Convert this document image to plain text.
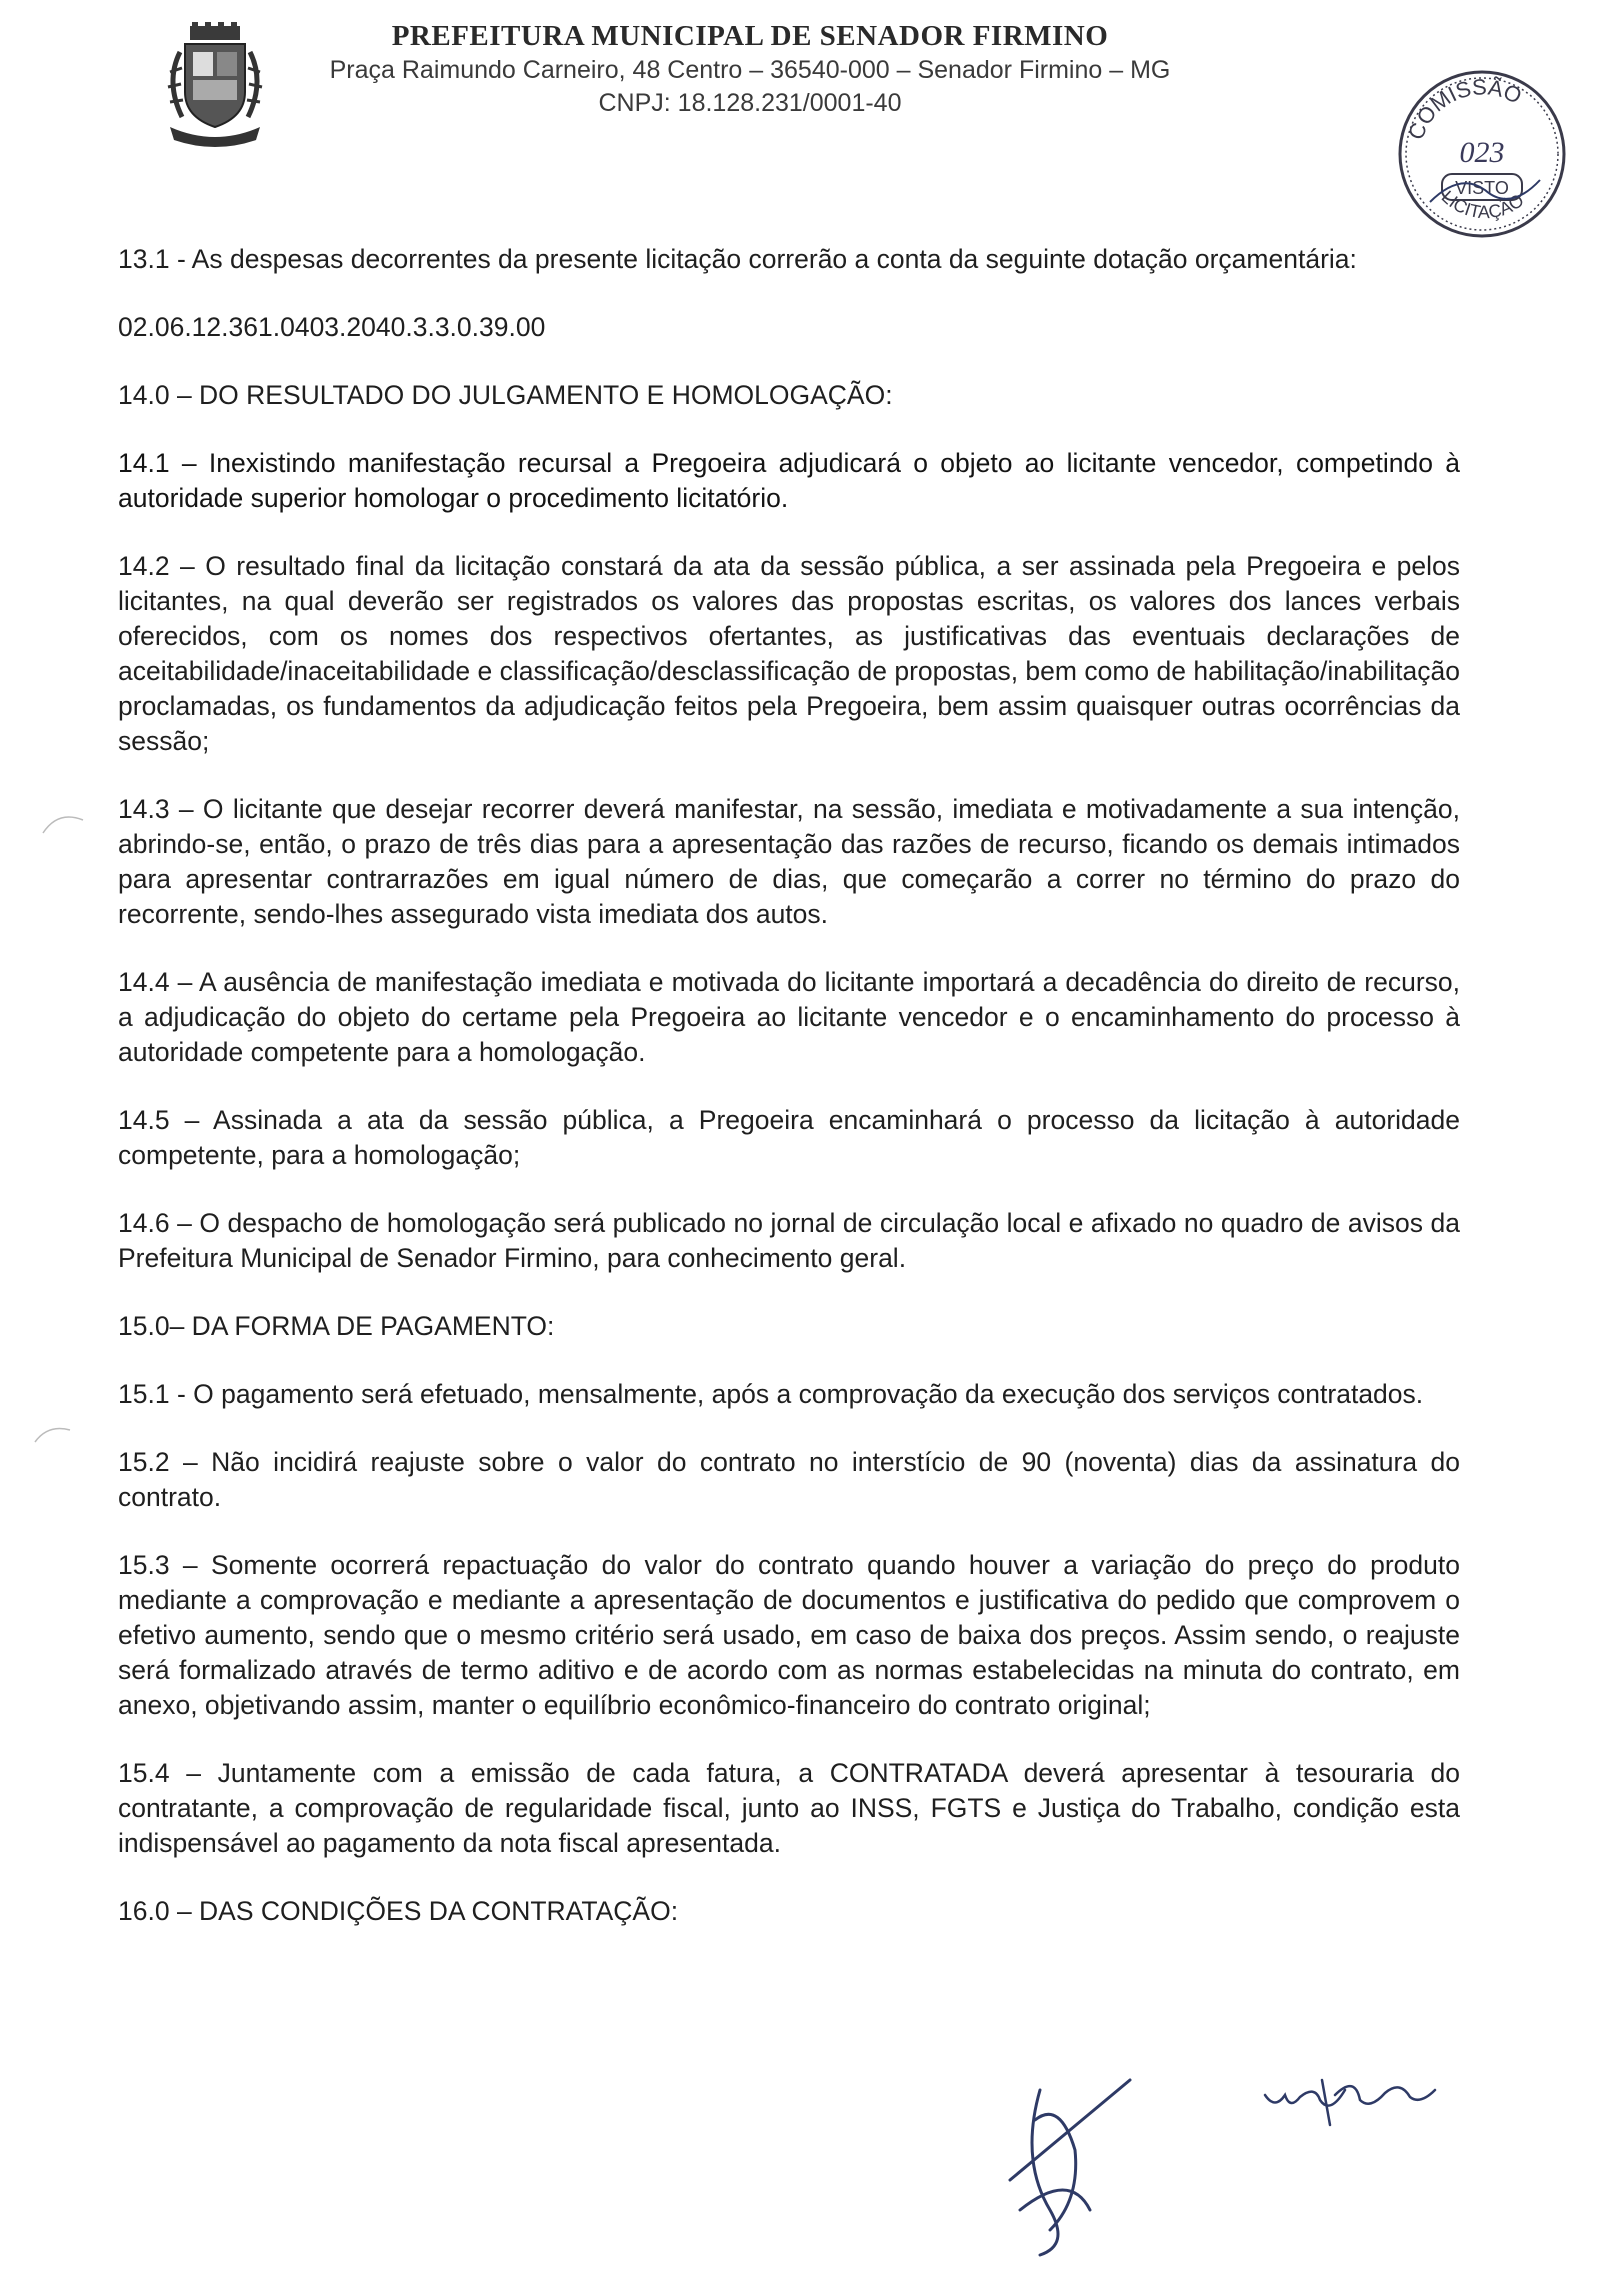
PREFEITURA MUNICIPAL DE SENADOR FIRMINO
Praça Raimundo Carneiro, 48 Centro – 36540-000 – Senador Firmino – MG
CNPJ: 18.128.231/0001-40
COMISSÃO
023
VISTO
LICITAÇÃO

13.1 - As despesas decorrentes da presente licitação correrão a conta da seguinte dotação orçamentária:

02.06.12.361.0403.2040.3.3.0.39.00

14.0 – DO RESULTADO DO JULGAMENTO E HOMOLOGAÇÃO:

14.1 – Inexistindo manifestação recursal a Pregoeira adjudicará o objeto ao licitante vencedor, competindo à autoridade superior homologar o procedimento licitatório.

14.2 – O resultado final da licitação constará da ata da sessão pública, a ser assinada pela Pregoeira e pelos licitantes, na qual deverão ser registrados os valores das propostas escritas, os valores dos lances verbais oferecidos, com os nomes dos respectivos ofertantes, as justificativas das eventuais declarações de aceitabilidade/inaceitabilidade e classificação/desclassificação de propostas, bem como de habilitação/inabilitação proclamadas, os fundamentos da adjudicação feitos pela Pregoeira, bem assim quaisquer outras ocorrências da sessão;

14.3 – O licitante que desejar recorrer deverá manifestar, na sessão, imediata e motivadamente a sua intenção, abrindo-se, então, o prazo de três dias para a apresentação das razões de recurso, ficando os demais intimados para apresentar contrarrazões em igual número de dias, que começarão a correr no término do prazo do recorrente, sendo-lhes assegurado vista imediata dos autos.

14.4 – A ausência de manifestação imediata e motivada do licitante importará a decadência do direito de recurso, a adjudicação do objeto do certame pela Pregoeira ao licitante vencedor e o encaminhamento do processo à autoridade competente para a homologação.

14.5 – Assinada a ata da sessão pública, a Pregoeira encaminhará o processo da licitação à autoridade competente, para a homologação;

14.6 – O despacho de homologação será publicado no jornal de circulação local e afixado no quadro de avisos da Prefeitura Municipal de Senador Firmino, para conhecimento geral.

15.0– DA FORMA DE PAGAMENTO:

15.1 - O pagamento será efetuado, mensalmente, após a comprovação da execução dos serviços contratados.

15.2 – Não incidirá reajuste sobre o valor do contrato no interstício de 90 (noventa) dias da assinatura do contrato.

15.3 – Somente ocorrerá repactuação do valor do contrato quando houver a variação do preço do produto mediante a comprovação e mediante a apresentação de documentos e justificativa do pedido que comprovem o efetivo aumento, sendo que o mesmo critério será usado, em caso de baixa dos preços. Assim sendo, o reajuste será formalizado através de termo aditivo e de acordo com as normas estabelecidas na minuta do contrato, em anexo, objetivando assim, manter o equilíbrio econômico-financeiro do contrato original;

15.4 – Juntamente com a emissão de cada fatura, a CONTRATADA deverá apresentar à tesouraria do contratante, a comprovação de regularidade fiscal, junto ao INSS, FGTS e Justiça do Trabalho, condição esta indispensável ao pagamento da nota fiscal apresentada.

16.0 – DAS CONDIÇÕES DA CONTRATAÇÃO:
